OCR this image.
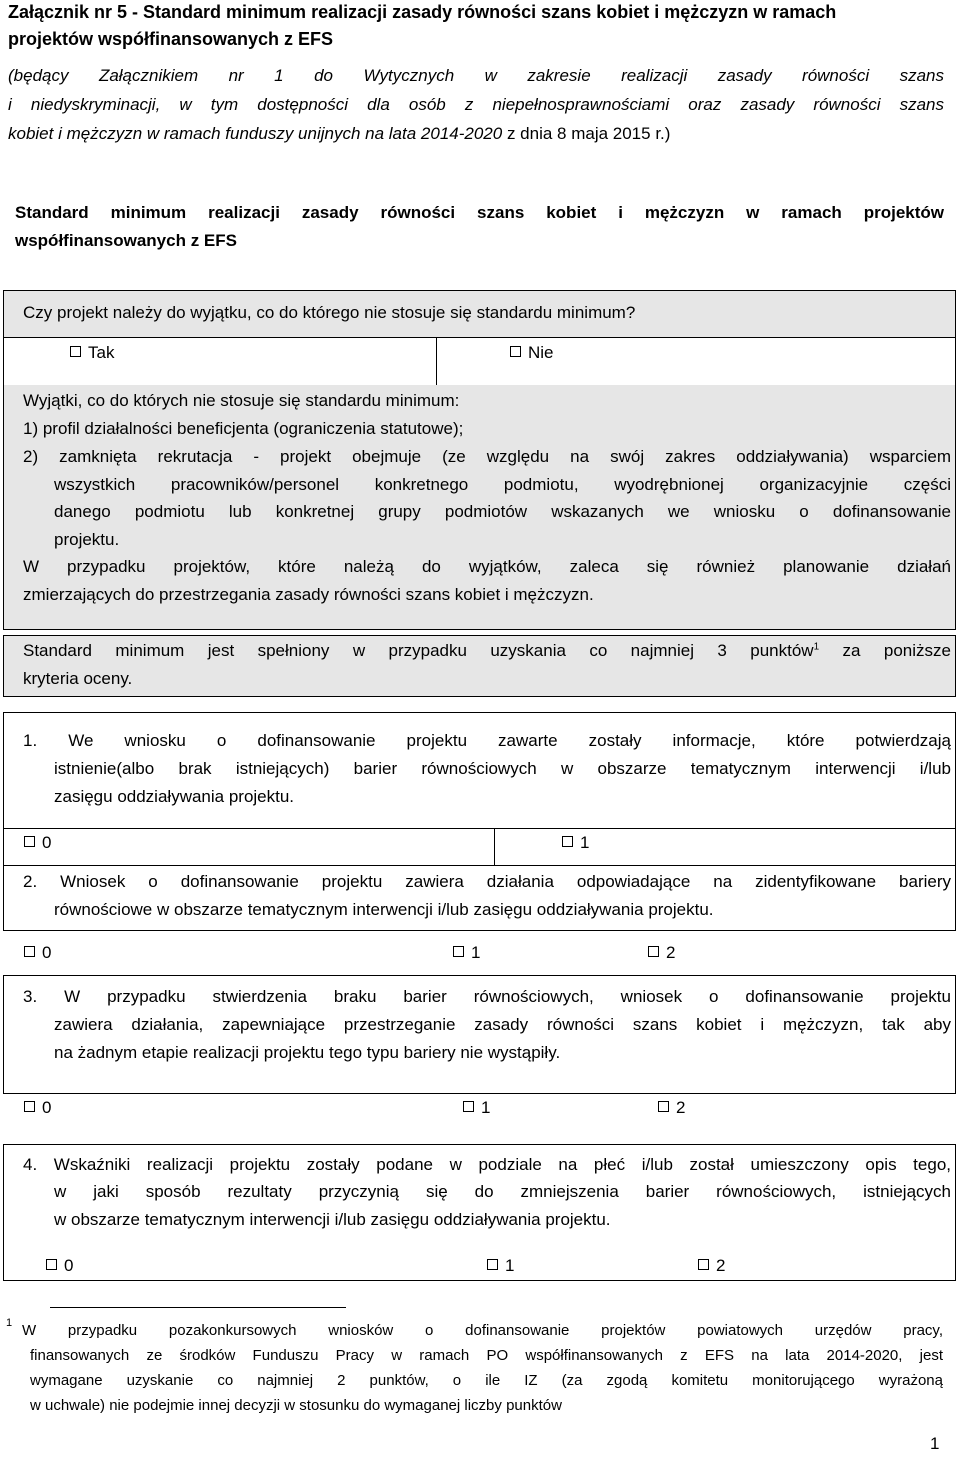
Załącznik nr 5 - Standard minimum realizacji zasady równości szans kobiet i mężczyzn w ramach
projektów współfinansowanych z EFS
(będący Załącznikiem nr 1 do Wytycznych w zakresie realizacji zasady równości szans
i niedyskryminacji, w tym dostępności dla osób z niepełnosprawnościami oraz zasady równości szans
kobiet i mężczyzn w ramach funduszy unijnych na lata 2014-2020 z dnia 8 maja 2015 r.)
Standard minimum realizacji zasady równości szans kobiet i mężczyzn w ramach projektów
współfinansowanych z EFS
Czy projekt należy do wyjątku, co do którego nie stosuje się standardu minimum?
Tak	Nie
Wyjątki, co do których nie stosuje się standardu minimum:
1) profil działalności beneficjenta (ograniczenia statutowe);
2) zamknięta rekrutacja - projekt obejmuje (ze względu na swój zakres oddziaływania) wsparciem
wszystkich pracowników/personel konkretnego podmiotu, wyodrębnionej organizacyjnie części
danego podmiotu lub konkretnej grupy podmiotów wskazanych we wniosku o dofinansowanie
projektu.
W przypadku projektów, które należą do wyjątków, zaleca się również planowanie działań
zmierzających do przestrzegania zasady równości szans kobiet i mężczyzn.
Standard minimum jest spełniony w przypadku uzyskania co najmniej 3 punktów$^1$ za poniższe
kryteria oceny.
1. We wniosku o dofinansowanie projektu zawarte zostały informacje, które potwierdzają
istnienie(albo brak istniejących) barier równościowych w obszarze tematycznym interwencji i/lub
zasięgu oddziaływania projektu.
0	1
2. Wniosek o dofinansowanie projektu zawiera działania odpowiadające na zidentyfikowane bariery
równościowe w obszarze tematycznym interwencji i/lub zasięgu oddziaływania projektu.
0	1	2
3. W przypadku stwierdzenia braku barier równościowych, wniosek o dofinansowanie projektu
zawiera działania, zapewniające przestrzeganie zasady równości szans kobiet i mężczyzn, tak aby
na żadnym etapie realizacji projektu tego typu bariery nie wystąpiły.
0	1	2
4. Wskaźniki realizacji projektu zostały podane w podziale na płeć i/lub został umieszczony opis tego,
w jaki sposób rezultaty przyczynią się do zmniejszenia barier równościowych, istniejących
w obszarze tematycznym interwencji i/lub zasięgu oddziaływania projektu.
0	1	2
1 W przypadku pozakonkursowych wniosków o dofinansowanie projektów powiatowych urzędów pracy,
finansowanych ze środków Funduszu Pracy w ramach PO współfinansowanych z EFS na lata 2014-2020, jest
wymagane uzyskanie co najmniej 2 punktów, o ile IZ (za zgodą komitetu monitorującego wyrażoną
w uchwale) nie podejmie innej decyzji w stosunku do wymaganej liczby punktów
1
